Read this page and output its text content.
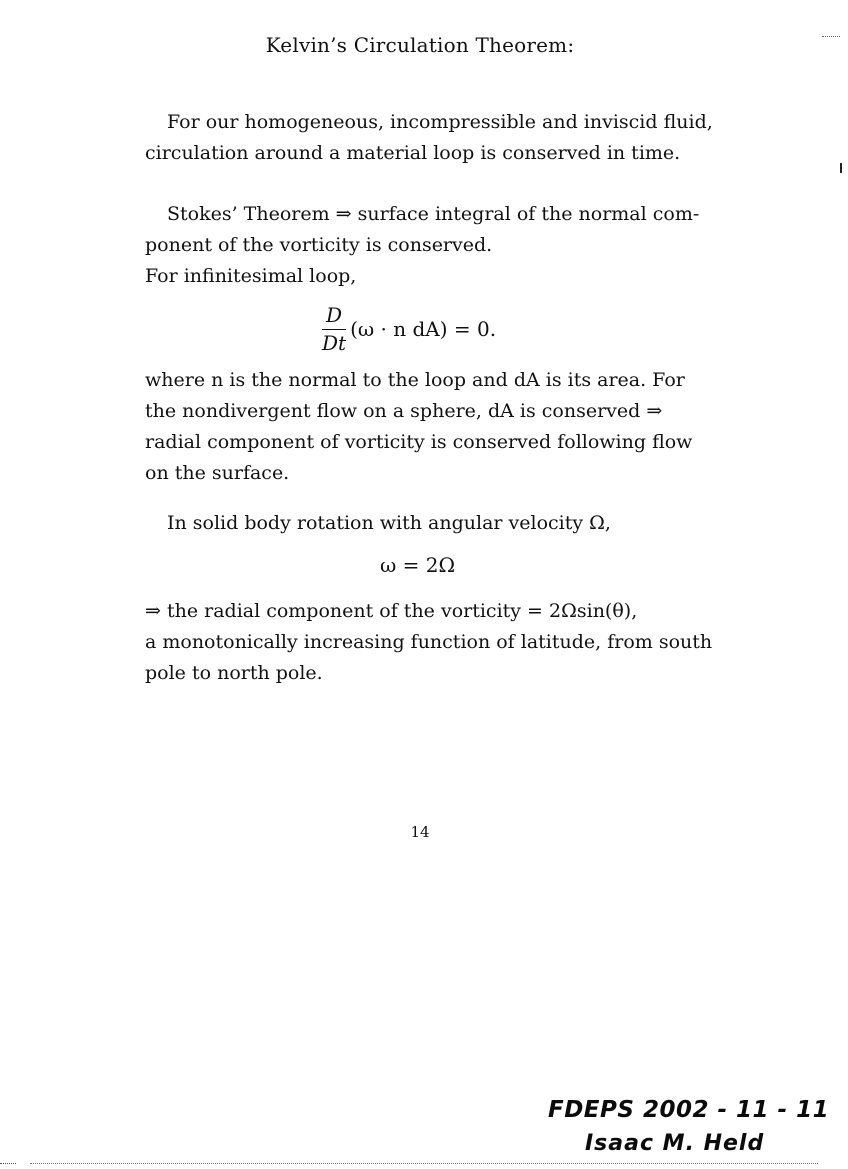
Kelvin’s Circulation Theorem:
For our homogeneous, incompressible and inviscid fluid,
circulation around a material loop is conserved in time.
Stokes’ Theorem ⇒ surface integral of the normal com-
ponent of the vorticity is conserved.
For infinitesimal loop,
$\frac{D}{Dt} (\omega \cdot n$ dA) = 0.
where n is the normal to the loop and dA is its area. For
the nondivergent flow on a sphere, dA is conserved ⇒
radial component of vorticity is conserved following flow
on the surface.
In solid body rotation with angular velocity Ω,
ω = 2Ω
⇒ the radial component of the vorticity = 2Ωsin(θ),
a monotonically increasing function of latitude, from south
pole to north pole.
14
FDEPS 2002 - 11 - 11
Isaac M. Held
